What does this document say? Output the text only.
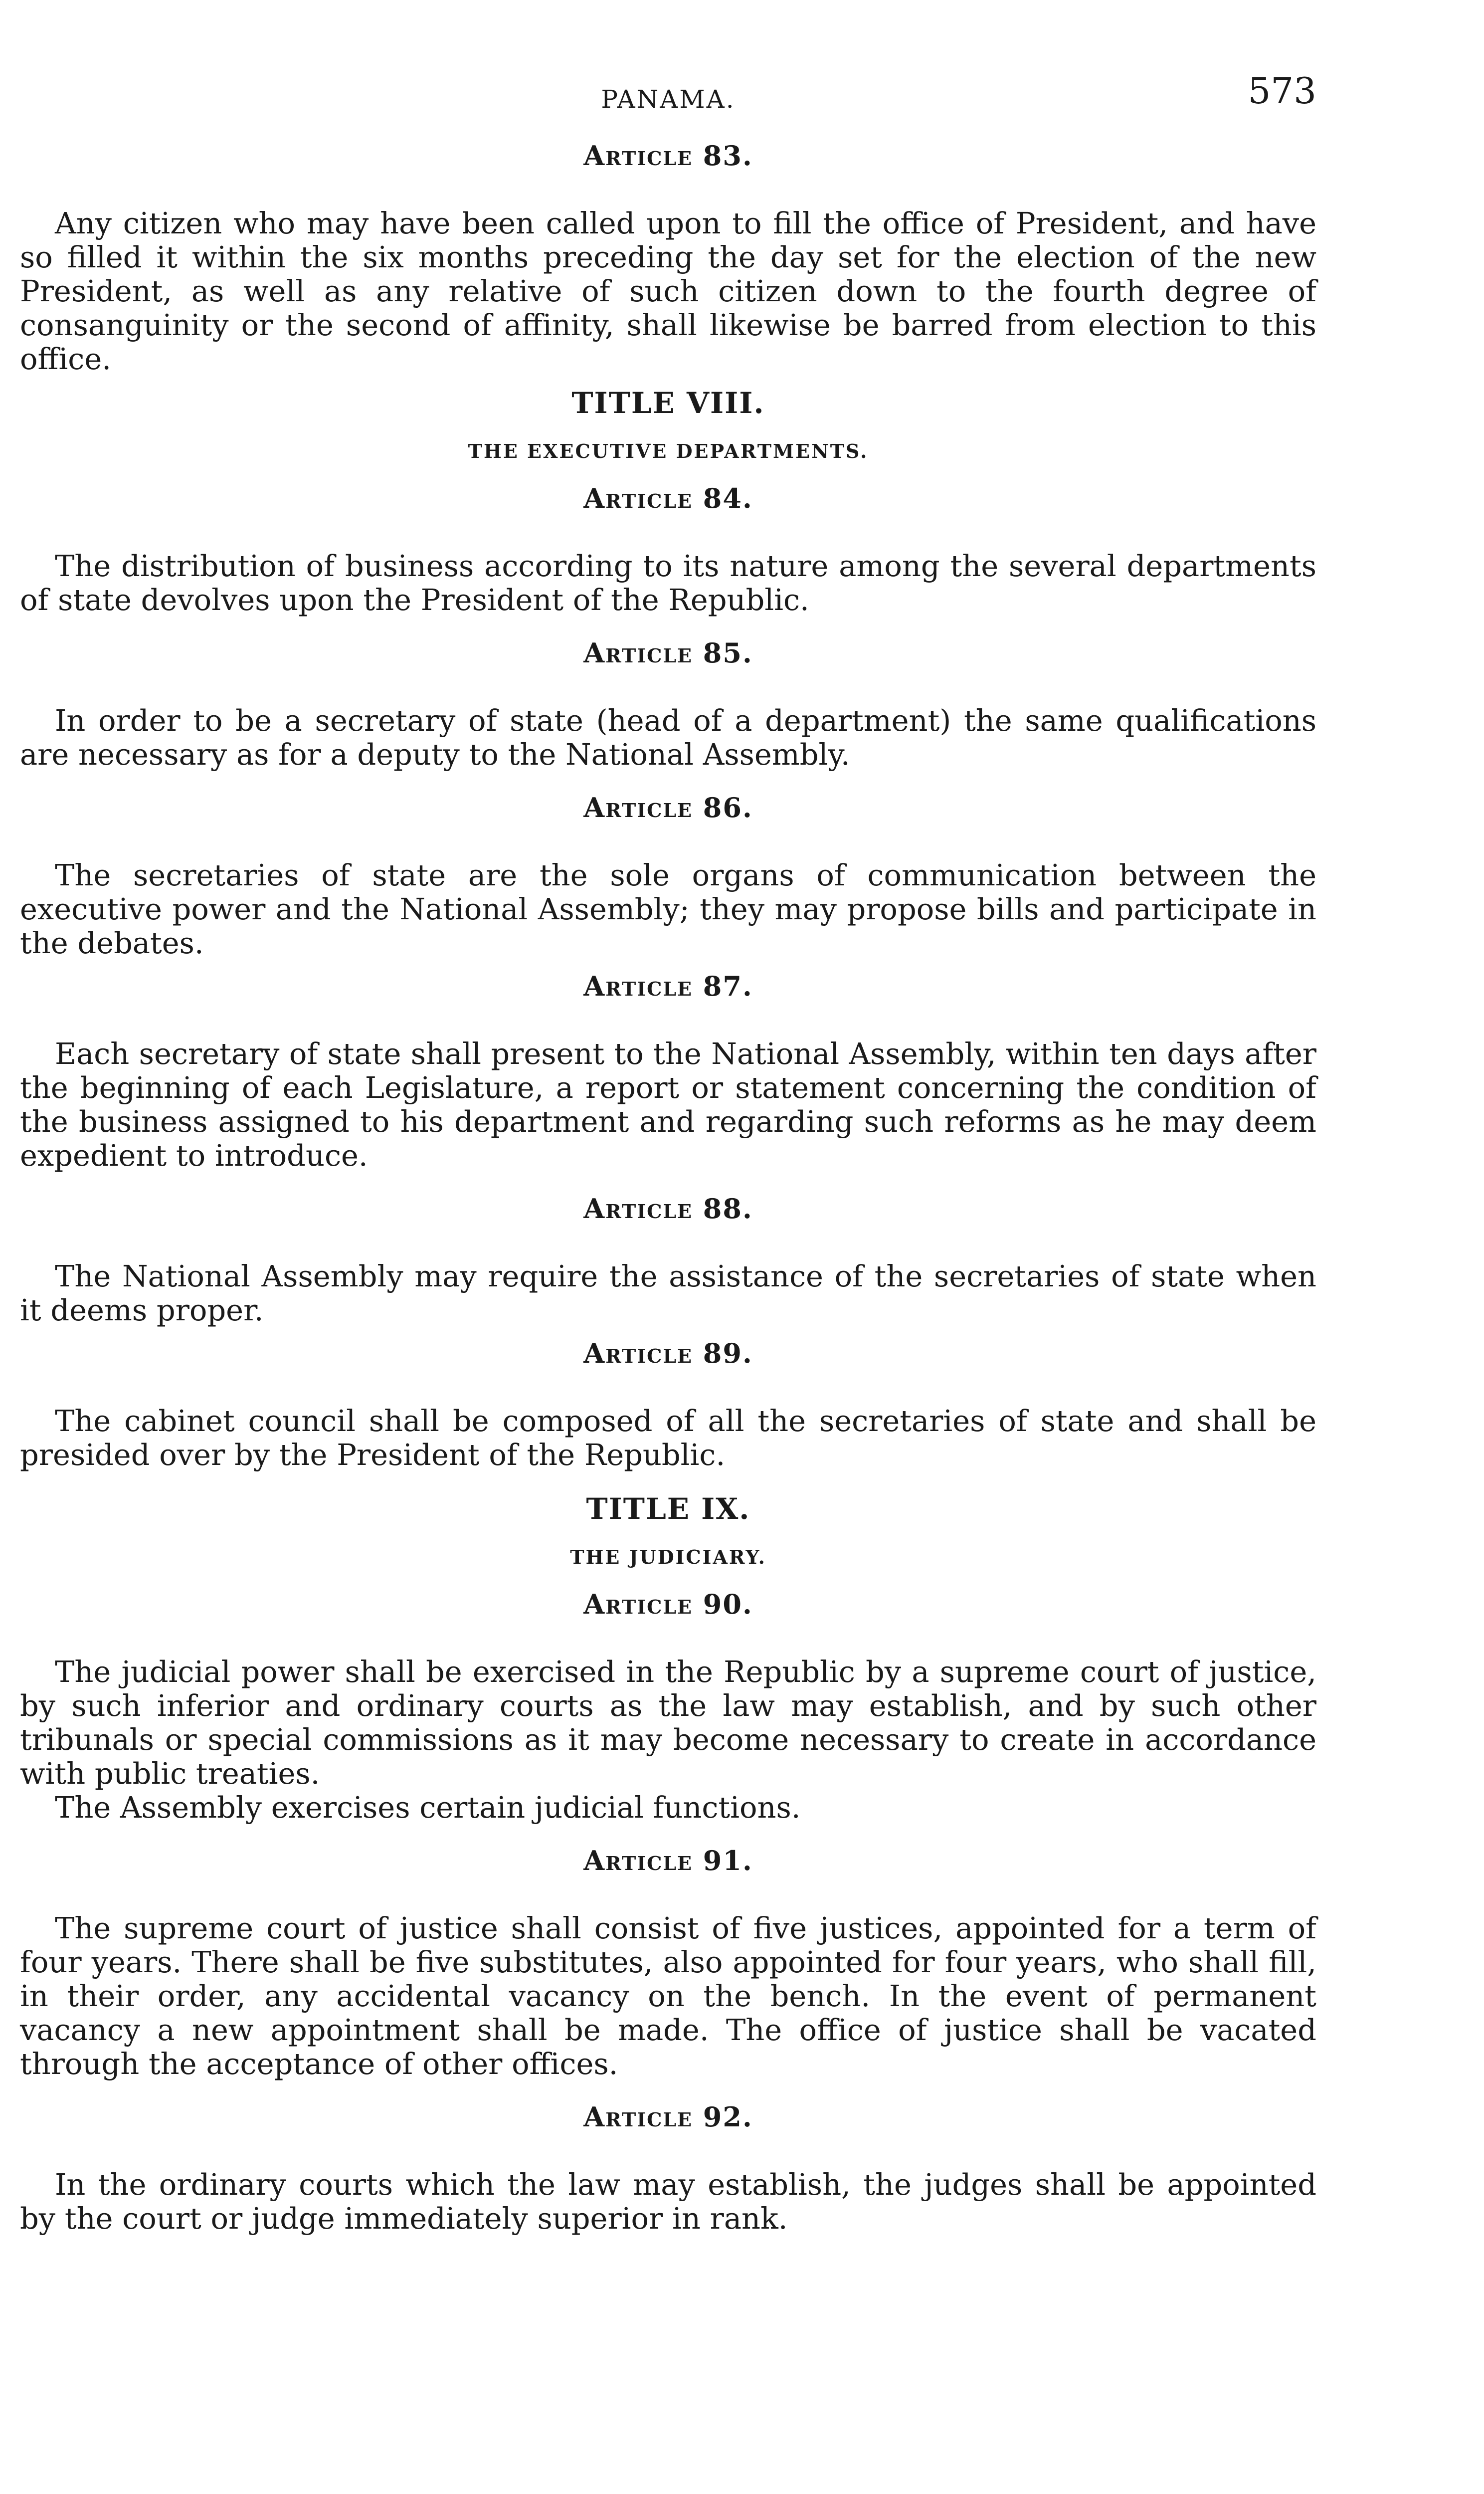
PANAMA.	573
Article 83.

Any citizen who may have been called upon to fill the office of President, and have so filled it within the six months preceding the day set for the election of the new President, as well as any relative of such citizen down to the fourth degree of consanguinity or the second of affinity, shall likewise be barred from election to this office.

TITLE VIII.
THE EXECUTIVE DEPARTMENTS.
Article 84.

The distribution of business according to its nature among the several departments of state devolves upon the President of the Republic.

Article 85.

In order to be a secretary of state (head of a department) the same qualifications are necessary as for a deputy to the National Assembly.

Article 86.

The secretaries of state are the sole organs of communication between the executive power and the National Assembly; they may propose bills and participate in the debates.

Article 87.

Each secretary of state shall present to the National Assembly, within ten days after the beginning of each Legislature, a report or statement concerning the condition of the business assigned to his department and regarding such reforms as he may deem expedient to introduce.

Article 88.

The National Assembly may require the assistance of the secretaries of state when it deems proper.

Article 89.

The cabinet council shall be composed of all the secretaries of state and shall be presided over by the President of the Republic.

TITLE IX.
THE JUDICIARY.
Article 90.

The judicial power shall be exercised in the Republic by a supreme court of justice, by such inferior and ordinary courts as the law may establish, and by such other tribunals or special commissions as it may become necessary to create in accordance with public treaties.

The Assembly exercises certain judicial functions.

Article 91.

The supreme court of justice shall consist of five justices, appointed for a term of four years. There shall be five substitutes, also appointed for four years, who shall fill, in their order, any accidental vacancy on the bench. In the event of permanent vacancy a new appointment shall be made. The office of justice shall be vacated through the acceptance of other offices.

Article 92.

In the ordinary courts which the law may establish, the judges shall be appointed by the court or judge immediately superior in rank.
